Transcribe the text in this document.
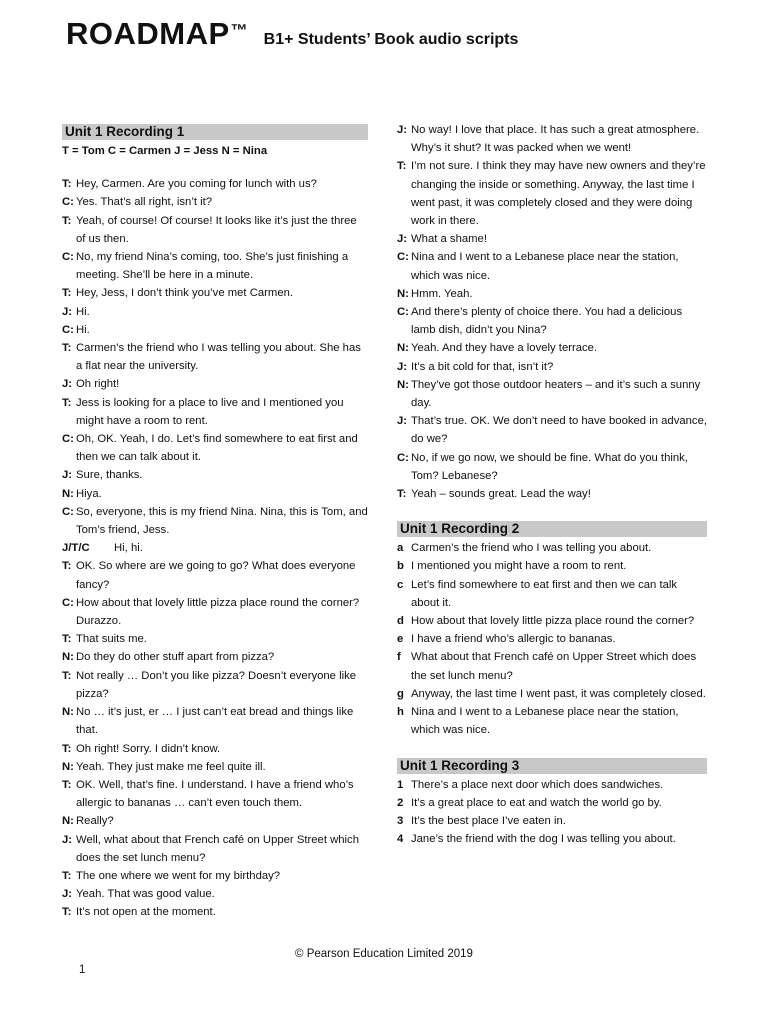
ROADMAP ™ B1+ Students’ Book audio scripts
Unit 1 Recording 1
T = Tom C = Carmen J = Jess N = Nina
T: Hey, Carmen. Are you coming for lunch with us?
C: Yes. That’s all right, isn’t it?
T: Yeah, of course! Of course! It looks like it’s just the three of us then.
C: No, my friend Nina’s coming, too. She’s just finishing a meeting. She’ll be here in a minute.
T: Hey, Jess, I don’t think you’ve met Carmen.
J: Hi.
C: Hi.
T: Carmen’s the friend who I was telling you about. She has a flat near the university.
J: Oh right!
T: Jess is looking for a place to live and I mentioned you might have a room to rent.
C: Oh, OK. Yeah, I do. Let’s find somewhere to eat first and then we can talk about it.
J: Sure, thanks.
N: Hiya.
C: So, everyone, this is my friend Nina. Nina, this is Tom, and Tom’s friend, Jess.
J/T/C	Hi, hi.
T: OK. So where are we going to go? What does everyone fancy?
C: How about that lovely little pizza place round the corner? Durazzo.
T: That suits me.
N: Do they do other stuff apart from pizza?
T: Not really … Don’t you like pizza? Doesn’t everyone like pizza?
N: No … it’s just, er … I just can’t eat bread and things like that.
T: Oh right! Sorry. I didn’t know.
N: Yeah. They just make me feel quite ill.
T: OK. Well, that’s fine. I understand. I have a friend who’s allergic to bananas … can’t even touch them.
N: Really?
J: Well, what about that French café on Upper Street which does the set lunch menu?
T: The one where we went for my birthday?
J: Yeah. That was good value.
T: It’s not open at the moment.
J: No way! I love that place. It has such a great atmosphere. Why’s it shut? It was packed when we went!
T: I’m not sure. I think they may have new owners and they’re changing the inside or something. Anyway, the last time I went past, it was completely closed and they were doing work in there.
J: What a shame!
C: Nina and I went to a Lebanese place near the station, which was nice.
N: Hmm. Yeah.
C: And there’s plenty of choice there. You had a delicious lamb dish, didn’t you Nina?
N: Yeah. And they have a lovely terrace.
J: It’s a bit cold for that, isn’t it?
N: They’ve got those outdoor heaters – and it’s such a sunny day.
J: That’s true. OK. We don’t need to have booked in advance, do we?
C: No, if we go now, we should be fine. What do you think, Tom? Lebanese?
T: Yeah – sounds great. Lead the way!
Unit 1 Recording 2
a Carmen’s the friend who I was telling you about.
b I mentioned you might have a room to rent.
c Let’s find somewhere to eat first and then we can talk about it.
d How about that lovely little pizza place round the corner?
e I have a friend who’s allergic to bananas.
f What about that French café on Upper Street which does the set lunch menu?
g Anyway, the last time I went past, it was completely closed.
h Nina and I went to a Lebanese place near the station, which was nice.
Unit 1 Recording 3
1 There’s a place next door which does sandwiches.
2 It’s a great place to eat and watch the world go by.
3 It’s the best place I’ve eaten in.
4 Jane’s the friend with the dog I was telling you about.
© Pearson Education Limited 2019
1
